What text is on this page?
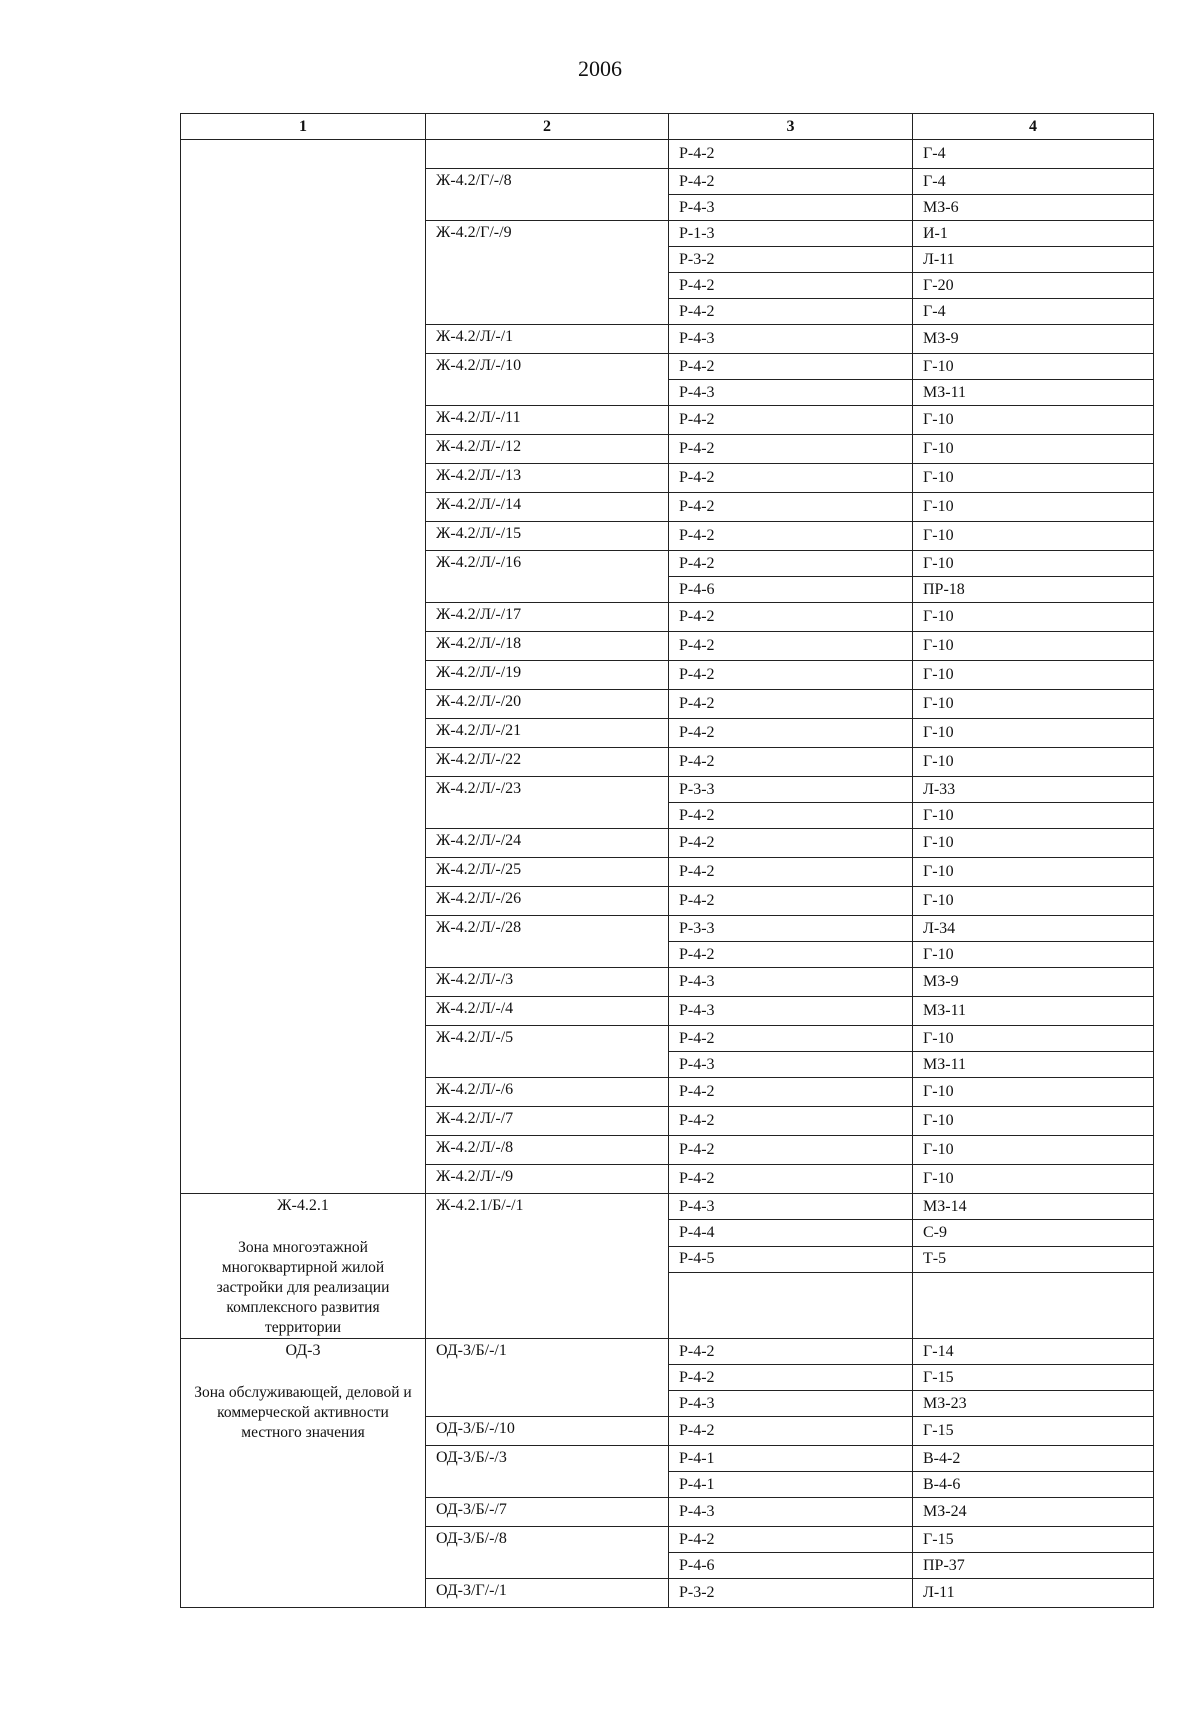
2006
1	2	3	4

		Р-4-2	Г-4
	Ж-4.2/Г/-/8	Р-4-2	Г-4
		Р-4-3	МЗ-6
	Ж-4.2/Г/-/9	Р-1-3	И-1
		Р-3-2	Л-11
		Р-4-2	Г-20
		Р-4-2	Г-4
	Ж-4.2/Л/-/1	Р-4-3	МЗ-9
	Ж-4.2/Л/-/10	Р-4-2	Г-10
		Р-4-3	МЗ-11
	Ж-4.2/Л/-/11	Р-4-2	Г-10
	Ж-4.2/Л/-/12	Р-4-2	Г-10
	Ж-4.2/Л/-/13	Р-4-2	Г-10
	Ж-4.2/Л/-/14	Р-4-2	Г-10
	Ж-4.2/Л/-/15	Р-4-2	Г-10
	Ж-4.2/Л/-/16	Р-4-2	Г-10
		Р-4-6	ПР-18
	Ж-4.2/Л/-/17	Р-4-2	Г-10
	Ж-4.2/Л/-/18	Р-4-2	Г-10
	Ж-4.2/Л/-/19	Р-4-2	Г-10
	Ж-4.2/Л/-/20	Р-4-2	Г-10
	Ж-4.2/Л/-/21	Р-4-2	Г-10
	Ж-4.2/Л/-/22	Р-4-2	Г-10
	Ж-4.2/Л/-/23	Р-3-3	Л-33
		Р-4-2	Г-10
	Ж-4.2/Л/-/24	Р-4-2	Г-10
	Ж-4.2/Л/-/25	Р-4-2	Г-10
	Ж-4.2/Л/-/26	Р-4-2	Г-10
	Ж-4.2/Л/-/28	Р-3-3	Л-34
		Р-4-2	Г-10
	Ж-4.2/Л/-/3	Р-4-3	МЗ-9
	Ж-4.2/Л/-/4	Р-4-3	МЗ-11
	Ж-4.2/Л/-/5	Р-4-2	Г-10
		Р-4-3	МЗ-11
	Ж-4.2/Л/-/6	Р-4-2	Г-10
	Ж-4.2/Л/-/7	Р-4-2	Г-10
	Ж-4.2/Л/-/8	Р-4-2	Г-10
	Ж-4.2/Л/-/9	Р-4-2	Г-10

Ж-4.2.1
Зона многоэтажной многоквартирной жилой застройки для реализации комплексного развития территории	Ж-4.2.1/Б/-/1	Р-4-3	МЗ-14
		Р-4-4	С-9
		Р-4-5	Т-5

ОД-3
Зона обслуживающей, деловой и коммерческой активности местного значения	ОД-3/Б/-/1	Р-4-2	Г-14
		Р-4-2	Г-15
		Р-4-3	МЗ-23
	ОД-3/Б/-/10	Р-4-2	Г-15
	ОД-3/Б/-/3	Р-4-1	В-4-2
		Р-4-1	В-4-6
	ОД-3/Б/-/7	Р-4-3	МЗ-24
	ОД-3/Б/-/8	Р-4-2	Г-15
		Р-4-6	ПР-37
	ОД-3/Г/-/1	Р-3-2	Л-11
